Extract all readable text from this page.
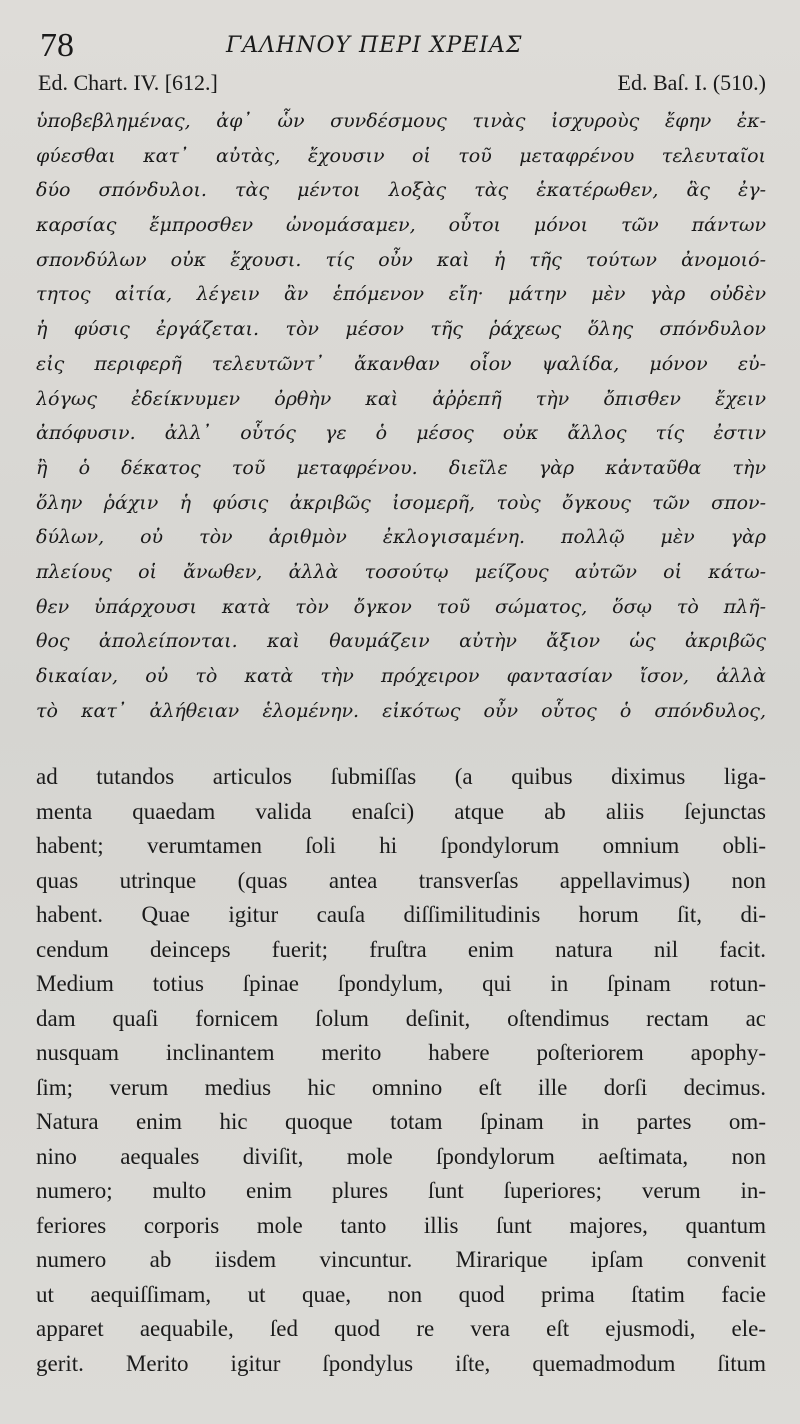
78	ΓΑΛΗΝΟΥ ΠΕΡΙ ΧΡΕΙΑΣ
Ed. Chart. IV. [612.]	Ed. Baſ. I. (510.)
ὑποβεβλημένας, ἀφ᾽ ὧν συνδέσμους τινὰς ἰσχυροὺς ἔφην ἐκ-
φύεσθαι κατ᾽ αὐτὰς, ἔχουσιν οἱ τοῦ μεταφρένου τελευταῖοι
δύο σπόνδυλοι. τὰς μέντοι λοξὰς τὰς ἑκατέρωθεν, ἃς ἐγ-
καρσίας ἔμπροσθεν ὠνομάσαμεν, οὗτοι μόνοι τῶν πάντων
σπονδύλων οὐκ ἔχουσι. τίς οὖν καὶ ἡ τῆς τούτων ἀνομοιό-
τητος αἰτία, λέγειν ἂν ἑπόμενον εἴη· μάτην μὲν γὰρ οὐδὲν
ἡ φύσις ἐργάζεται. τὸν μέσον τῆς ῥάχεως ὅλης σπόνδυλον
εἰς περιφερῆ τελευτῶντ᾽ ἄκανθαν οἷον ψαλίδα, μόνον εὐ-
λόγως ἐδείκνυμεν ὀρθὴν καὶ ἀῤῥεπῆ τὴν ὄπισθεν ἔχειν
ἀπόφυσιν. ἀλλ᾽ οὗτός γε ὁ μέσος οὐκ ἄλλος τίς ἐστιν
ἢ ὁ δέκατος τοῦ μεταφρένου. διεῖλε γὰρ κἀνταῦθα τὴν
ὅλην ῥάχιν ἡ φύσις ἀκριβῶς ἰσομερῆ, τοὺς ὄγκους τῶν σπον-
δύλων, οὐ τὸν ἀριθμὸν ἐκλογισαμένη. πολλῷ μὲν γὰρ
πλείους οἱ ἄνωθεν, ἀλλὰ τοσούτῳ μείζους αὐτῶν οἱ κάτω-
θεν ὑπάρχουσι κατὰ τὸν ὄγκον τοῦ σώματος, ὅσῳ τὸ πλῆ-
θος ἀπολείπονται. καὶ θαυμάζειν αὐτὴν ἄξιον ὡς ἀκριβῶς
δικαίαν, οὐ τὸ κατὰ τὴν πρόχειρον φαντασίαν ἴσον, ἀλλὰ
τὸ κατ᾽ ἀλήθειαν ἑλομένην. εἰκότως οὖν οὗτος ὁ σπόνδυλος,
ad tutandos articulos ſubmiſſas (a quibus diximus liga-
menta quaedam valida enaſci) atque ab aliis ſejunctas
habent; verumtamen ſoli hi ſpondylorum omnium obli-
quas utrinque (quas antea transverſas appellavimus) non
habent. Quae igitur cauſa diſſimilitudinis horum ſit, di-
cendum deinceps fuerit; fruſtra enim natura nil facit.
Medium totius ſpinae ſpondylum, qui in ſpinam rotun-
dam quaſi fornicem ſolum deſinit, oſtendimus rectam ac
nusquam inclinantem merito habere poſteriorem apophy-
ſim; verum medius hic omnino eſt ille dorſi decimus.
Natura enim hic quoque totam ſpinam in partes om-
nino aequales diviſit, mole ſpondylorum aeſtimata, non
numero; multo enim plures ſunt ſuperiores; verum in-
feriores corporis mole tanto illis ſunt majores, quantum
numero ab iisdem vincuntur. Mirarique ipſam convenit
ut aequiſſimam, ut quae, non quod prima ſtatim facie
apparet aequabile, ſed quod re vera eſt ejusmodi, ele-
gerit. Merito igitur ſpondylus iſte, quemadmodum ſitum
